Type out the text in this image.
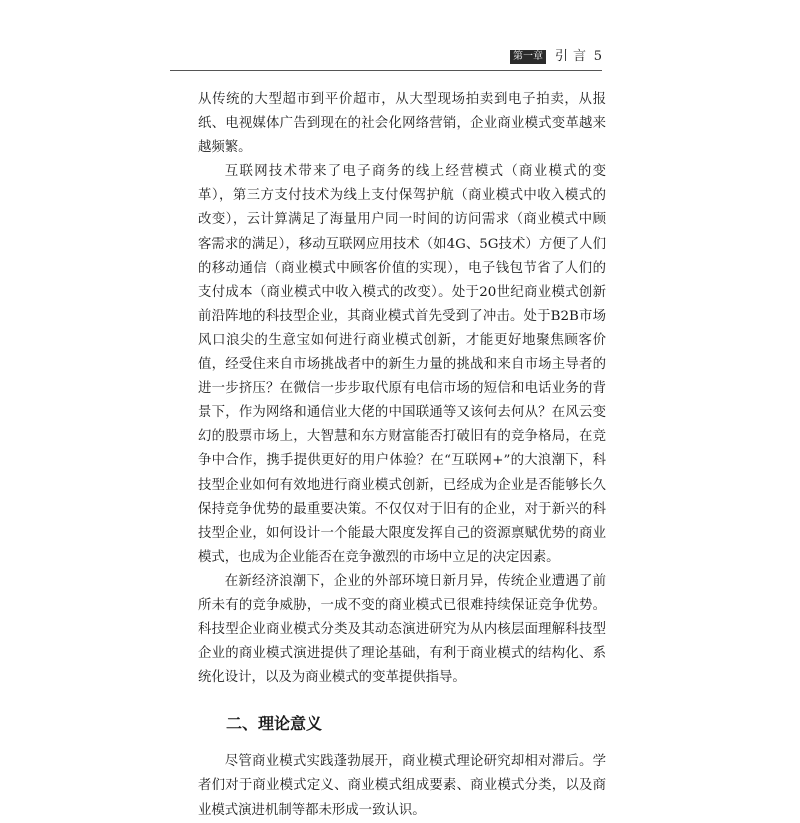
第一章 引言 5

从传统的大型超市到平价超市，从大型现场拍卖到电子拍卖，从报纸、电视媒体广告到现在的社会化网络营销，企业商业模式变革越来越频繁。

互联网技术带来了电子商务的线上经营模式（商业模式的变革），第三方支付技术为线上支付保驾护航（商业模式中收入模式的改变），云计算满足了海量用户同一时间的访问需求（商业模式中顾客需求的满足），移动互联网应用技术（如4G、5G技术）方便了人们的移动通信（商业模式中顾客价值的实现），电子钱包节省了人们的支付成本（商业模式中收入模式的改变）。处于20世纪商业模式创新前沿阵地的科技型企业，其商业模式首先受到了冲击。处于B2B市场风口浪尖的生意宝如何进行商业模式创新，才能更好地聚焦顾客价值，经受住来自市场挑战者中的新生力量的挑战和来自市场主导者的进一步挤压？在微信一步步取代原有电信市场的短信和电话业务的背景下，作为网络和通信业大佬的中国联通等又该何去何从？在风云变幻的股票市场上，大智慧和东方财富能否打破旧有的竞争格局，在竞争中合作，携手提供更好的用户体验？在“互联网+”的大浪潮下，科技型企业如何有效地进行商业模式创新，已经成为企业是否能够长久保持竞争优势的最重要决策。不仅仅对于旧有的企业，对于新兴的科技型企业，如何设计一个能最大限度发挥自己的资源禀赋优势的商业模式，也成为企业能否在竞争激烈的市场中立足的决定因素。

在新经济浪潮下，企业的外部环境日新月异，传统企业遭遇了前所未有的竞争威胁，一成不变的商业模式已很难持续保证竞争优势。科技型企业商业模式分类及其动态演进研究为从内核层面理解科技型企业的商业模式演进提供了理论基础，有利于商业模式的结构化、系统化设计，以及为商业模式的变革提供指导。

二、理论意义

尽管商业模式实践蓬勃展开，商业模式理论研究却相对滞后。学者们对于商业模式定义、商业模式组成要素、商业模式分类，以及商业模式演进机制等都未形成一致认识。
